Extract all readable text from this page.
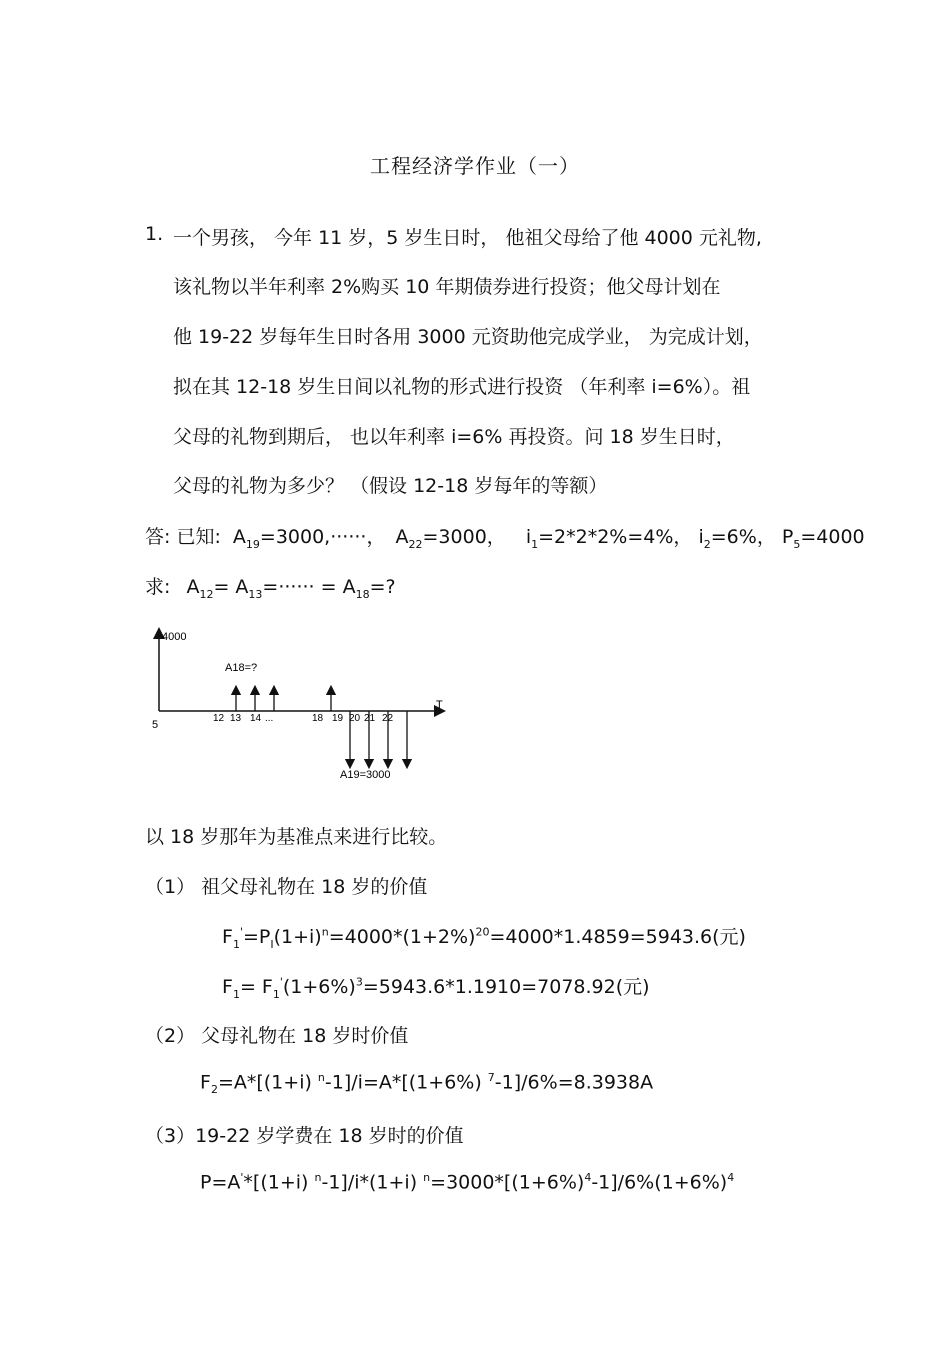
工程经济学作业（一）
1. 一个男孩， 今年 11 岁，5 岁生日时， 他祖父母给了他 4000 元礼物,
该礼物以半年利率 2%购买 10 年期债券进行投资；他父母计划在
他 19-22 岁每年生日时各用 3000 元资助他完成学业， 为完成计划，
拟在其 12-18 岁生日间以礼物的形式进行投资 （年利率 i=6%）。祖
父母的礼物到期后， 也以年利率 i=6% 再投资。问 18 岁生日时，
父母的礼物为多少？ （假设 12-18 岁每年的等额）
答: 已知: $A_{19}=3000,\cdot\cdot\cdot\cdot\cdot\cdot$， $A_{22}=3000$， $i_1=2*2*2\%=4\%$， $i_2=6\%$， $P_5=4000$
求: $A_{12}= A_{13}=\cdot\cdot\cdot\cdot\cdot\cdot = A_{18}=$?
4000
T
5
A18=?
12 13 14 ...	18 19 20 21 22
A19=3000
以 18 岁那年为基准点来进行比较。
（1） 祖父母礼物在 18 岁的价值
$F_1'=P_I(1+i)^n=4000*(1+2\%)^{20}=4000*1.4859=5943.6$(元)
$F_1= F_1'(1+6\%)^3=5943.6*1.1910=7078.92$(元)
（2） 父母礼物在 18 岁时价值
$F_2=A*[(1+i)$ $^n$-1]/i=A*[(1+6%) $^7$-1]/6%=8.3938A
（3）19-22 岁学费在 18 岁时的价值
P=A'*[(1+i) $^n$-1]/i*(1+i) $^n=3000*[(1+6\%)^4-1]/6\%(1+6\%)^4$
